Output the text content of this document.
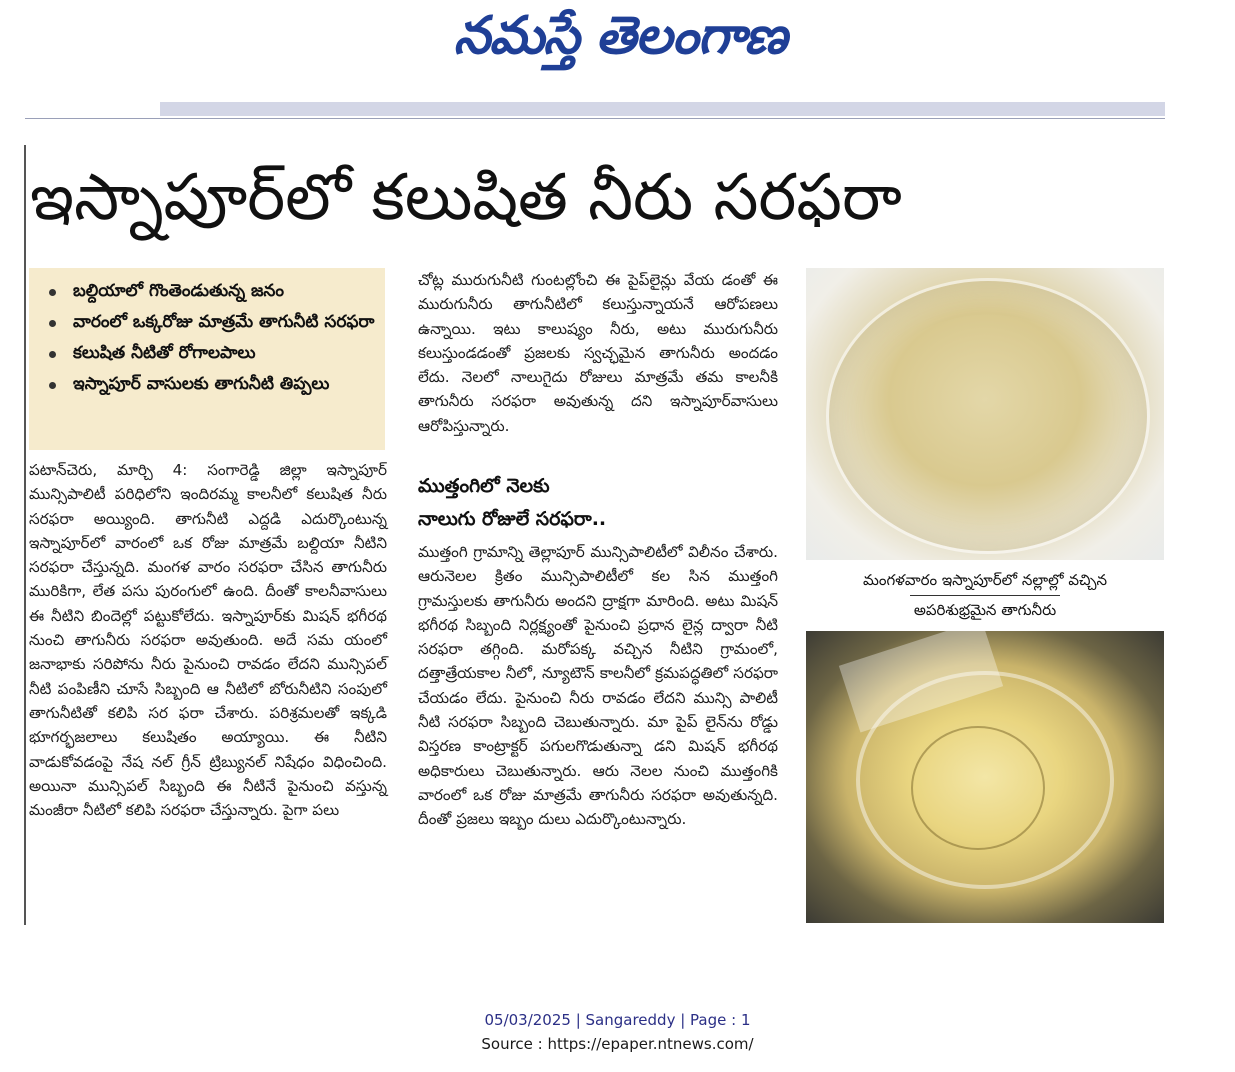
నమస్తే తెలంగాణ
ఇస్నాపూర్‌లో కలుషిత నీరు సరఫరా
బల్దియాలో గొంతెండుతున్న జనం
వారంలో ఒక్కరోజు మాత్రమే తాగునీటి సరఫరా
కలుషిత నీటితో రోగాలపాలు
ఇస్నాపూర్ వాసులకు తాగునీటి తిప్పలు

పటాన్‌చెరు, మార్చి 4: సంగారెడ్డి జిల్లా ఇస్నాపూర్ మున్సిపాలిటీ పరిధిలోని ఇందిరమ్మ కాలనీలో కలుషిత నీరు సరఫరా అయ్యింది. తాగునీటి ఎద్దడి ఎదుర్కొంటున్న ఇస్నాపూర్‌లో వారంలో ఒక రోజు మాత్రమే బల్దియా నీటిని సరఫరా చేస్తున్నది. మంగళ వారం సరఫరా చేసిన తాగునీరు మురికిగా, లేత పసు పురంగులో ఉంది. దీంతో కాలనీవాసులు ఈ నీటిని బిందెల్లో పట్టుకోలేదు. ఇస్నాపూర్‌కు మిషన్ భగీరథ నుంచి తాగునీరు సరఫరా అవుతుంది. అదే సమ యంలో జనాభాకు సరిపోను నీరు పైనుంచి రావడం లేదని మున్సిపల్ నీటి పంపిణీని చూసే సిబ్బంది ఆ నీటిలో బోరునీటిని సంపులో తాగునీటితో కలిపి సర ఫరా చేశారు. పరిశ్రమలతో ఇక్కడి భూగర్భజలాలు కలుషితం అయ్యాయి. ఈ నీటిని వాడుకోవడంపై నేష నల్ గ్రీన్ ట్రిబ్యునల్ నిషేధం విధించింది. అయినా మున్సిపల్ సిబ్బంది ఈ నీటినే పైనుంచి వస్తున్న మంజీరా నీటిలో కలిపి సరఫరా చేస్తున్నారు. పైగా పలు

చోట్ల మురుగునీటి గుంటల్లోంచి ఈ పైప్‌లైన్లు వేయ డంతో ఈ మురుగునీరు తాగునీటిలో కలుస్తున్నాయనే ఆరోపణలు ఉన్నాయి. ఇటు కాలుష్యం నీరు, అటు మురుగునీరు కలుస్తుండడంతో ప్రజలకు స్వచ్ఛమైన తాగునీరు అందడం లేదు. నెలలో నాలుగైదు రోజులు మాత్రమే తమ కాలనీకి తాగునీరు సరఫరా అవుతున్న దని ఇస్నాపూర్‌వాసులు ఆరోపిస్తున్నారు.

ముత్తంగిలో నెలకు
నాలుగు రోజులే సరఫరా..

ముత్తంగి గ్రామాన్ని తెల్లాపూర్ మున్సిపాలిటీలో విలీనం చేశారు. ఆరునెలల క్రితం మున్సిపాలిటీలో కల సిన ముత్తంగి గ్రామస్తులకు తాగునీరు అందని ద్రాక్షగా మారింది. అటు మిషన్ భగీరథ సిబ్బంది నిర్లక్ష్యంతో పైనుంచి ప్రధాన లైన్ల ద్వారా నీటి సరఫరా తగ్గింది. మరోపక్క వచ్చిన నీటిని గ్రామంలో, దత్తాత్రేయకాల నీలో, న్యూటౌన్ కాలనీలో క్రమపద్ధతిలో సరఫరా చేయడం లేదు. పైనుంచి నీరు రావడం లేదని మున్సి పాలిటీ నీటి సరఫరా సిబ్బంది చెబుతున్నారు. మా పైప్ లైన్‌ను రోడ్డు విస్తరణ కాంట్రాక్టర్ పగులగొడుతున్నా డని మిషన్ భగీరథ అధికారులు చెబుతున్నారు. ఆరు నెలల నుంచి ముత్తంగికి వారంలో ఒక రోజు మాత్రమే తాగునీరు సరఫరా అవుతున్నది. దీంతో ప్రజలు ఇబ్బం దులు ఎదుర్కొంటున్నారు.

మంగళవారం ఇస్నాపూర్‌లో నల్లాల్లో వచ్చిన
అపరిశుభ్రమైన తాగునీరు
05/03/2025 | Sangareddy | Page : 1
Source : https://epaper.ntnews.com/
